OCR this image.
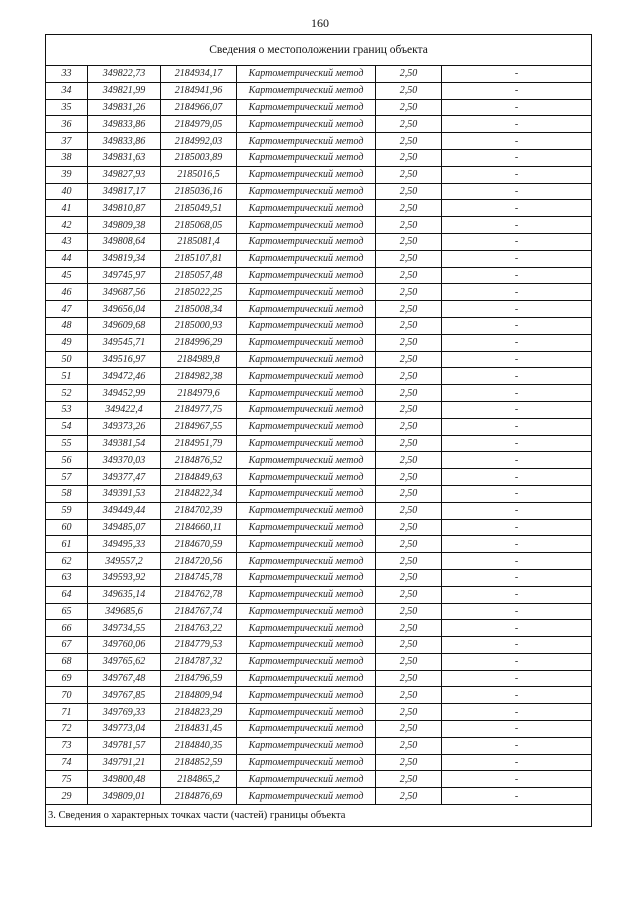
160
Сведения о местоположении границ объекта					
33	349822,73	2184934,17	Картометрический метод	2,50	-
34	349821,99	2184941,96	Картометрический метод	2,50	-
35	349831,26	2184966,07	Картометрический метод	2,50	-
36	349833,86	2184979,05	Картометрический метод	2,50	-
37	349833,86	2184992,03	Картометрический метод	2,50	-
38	349831,63	2185003,89	Картометрический метод	2,50	-
39	349827,93	2185016,5	Картометрический метод	2,50	-
40	349817,17	2185036,16	Картометрический метод	2,50	-
41	349810,87	2185049,51	Картометрический метод	2,50	-
42	349809,38	2185068,05	Картометрический метод	2,50	-
43	349808,64	2185081,4	Картометрический метод	2,50	-
44	349819,34	2185107,81	Картометрический метод	2,50	-
45	349745,97	2185057,48	Картометрический метод	2,50	-
46	349687,56	2185022,25	Картометрический метод	2,50	-
47	349656,04	2185008,34	Картометрический метод	2,50	-
48	349609,68	2185000,93	Картометрический метод	2,50	-
49	349545,71	2184996,29	Картометрический метод	2,50	-
50	349516,97	2184989,8	Картометрический метод	2,50	-
51	349472,46	2184982,38	Картометрический метод	2,50	-
52	349452,99	2184979,6	Картометрический метод	2,50	-
53	349422,4	2184977,75	Картометрический метод	2,50	-
54	349373,26	2184967,55	Картометрический метод	2,50	-
55	349381,54	2184951,79	Картометрический метод	2,50	-
56	349370,03	2184876,52	Картометрический метод	2,50	-
57	349377,47	2184849,63	Картометрический метод	2,50	-
58	349391,53	2184822,34	Картометрический метод	2,50	-
59	349449,44	2184702,39	Картометрический метод	2,50	-
60	349485,07	2184660,11	Картометрический метод	2,50	-
61	349495,33	2184670,59	Картометрический метод	2,50	-
62	349557,2	2184720,56	Картометрический метод	2,50	-
63	349593,92	2184745,78	Картометрический метод	2,50	-
64	349635,14	2184762,78	Картометрический метод	2,50	-
65	349685,6	2184767,74	Картометрический метод	2,50	-
66	349734,55	2184763,22	Картометрический метод	2,50	-
67	349760,06	2184779,53	Картометрический метод	2,50	-
68	349765,62	2184787,32	Картометрический метод	2,50	-
69	349767,48	2184796,59	Картометрический метод	2,50	-
70	349767,85	2184809,94	Картометрический метод	2,50	-
71	349769,33	2184823,29	Картометрический метод	2,50	-
72	349773,04	2184831,45	Картометрический метод	2,50	-
73	349781,57	2184840,35	Картометрический метод	2,50	-
74	349791,21	2184852,59	Картометрический метод	2,50	-
75	349800,48	2184865,2	Картометрический метод	2,50	-
29	349809,01	2184876,69	Картометрический метод	2,50	-
3. Сведения о характерных точках части (частей) границы объекта					
